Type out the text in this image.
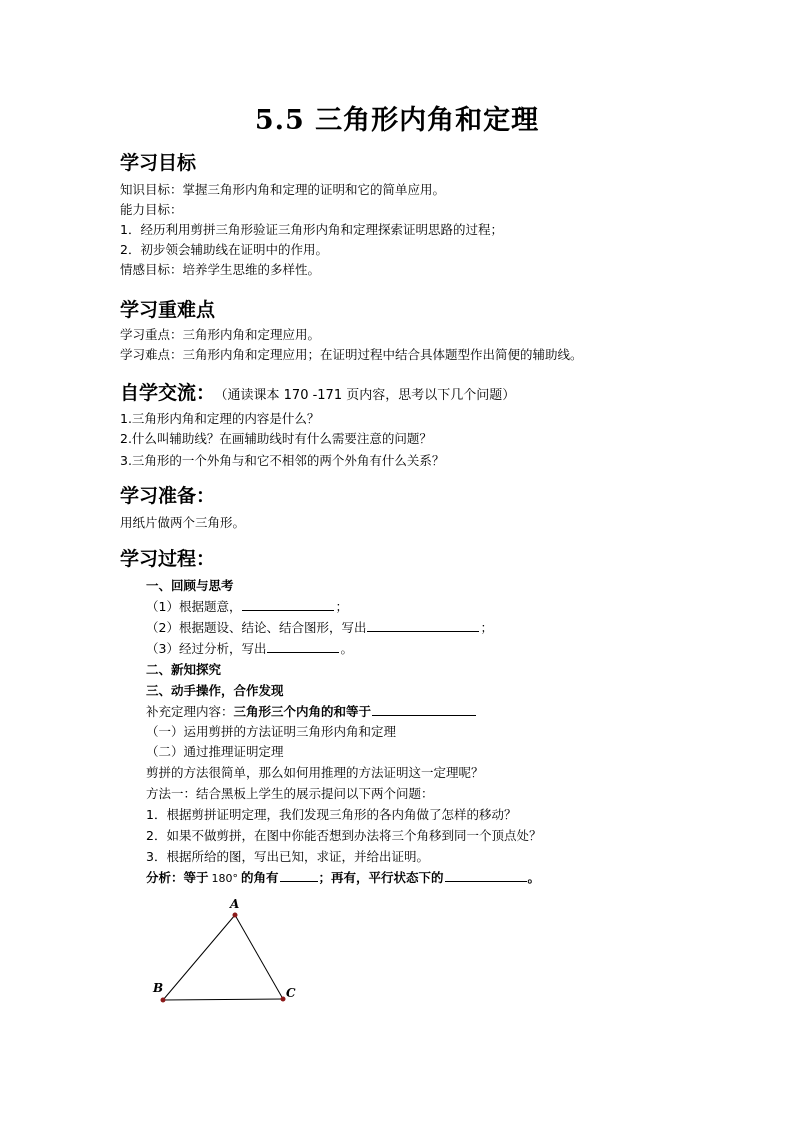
5.5 三角形内角和定理
学习目标
知识目标：掌握三角形内角和定理的证明和它的简单应用。
能力目标：
1．经历利用剪拼三角形验证三角形内角和定理探索证明思路的过程；
2．初步领会辅助线在证明中的作用。
情感目标：培养学生思维的多样性。
学习重难点
学习重点：三角形内角和定理应用。
学习难点：三角形内角和定理应用；在证明过程中结合具体题型作出简便的辅助线。
自学交流： （通读课本 170 -171 页内容，思考以下几个问题）
1.三角形内角和定理的内容是什么？
2.什么叫辅助线？在画辅助线时有什么需要注意的问题？
3.三角形的一个外角与和它不相邻的两个外角有什么关系？
学习准备：
用纸片做两个三角形。
学习过程：
一、回顾与思考
（1）根据题意，	；
（2）根据题设、结论、结合图形，写出	；
（3）经过分析，写出	。
二、新知探究
三、动手操作，合作发现
补充定理内容：三角形三个内角的和等于
（一）运用剪拼的方法证明三角形内角和定理
（二）通过推理证明定理
剪拼的方法很简单，那么如何用推理的方法证明这一定理呢？
方法一：结合黑板上学生的展示提问以下两个问题：
1．根据剪拼证明定理，我们发现三角形的各内角做了怎样的移动？
2．如果不做剪拼，在图中你能否想到办法将三个角移到同一个顶点处？
3．根据所给的图，写出已知，求证，并给出证明。
分析：等于 180° 的角有	；再有，平行状态下的	。
A
B	C
